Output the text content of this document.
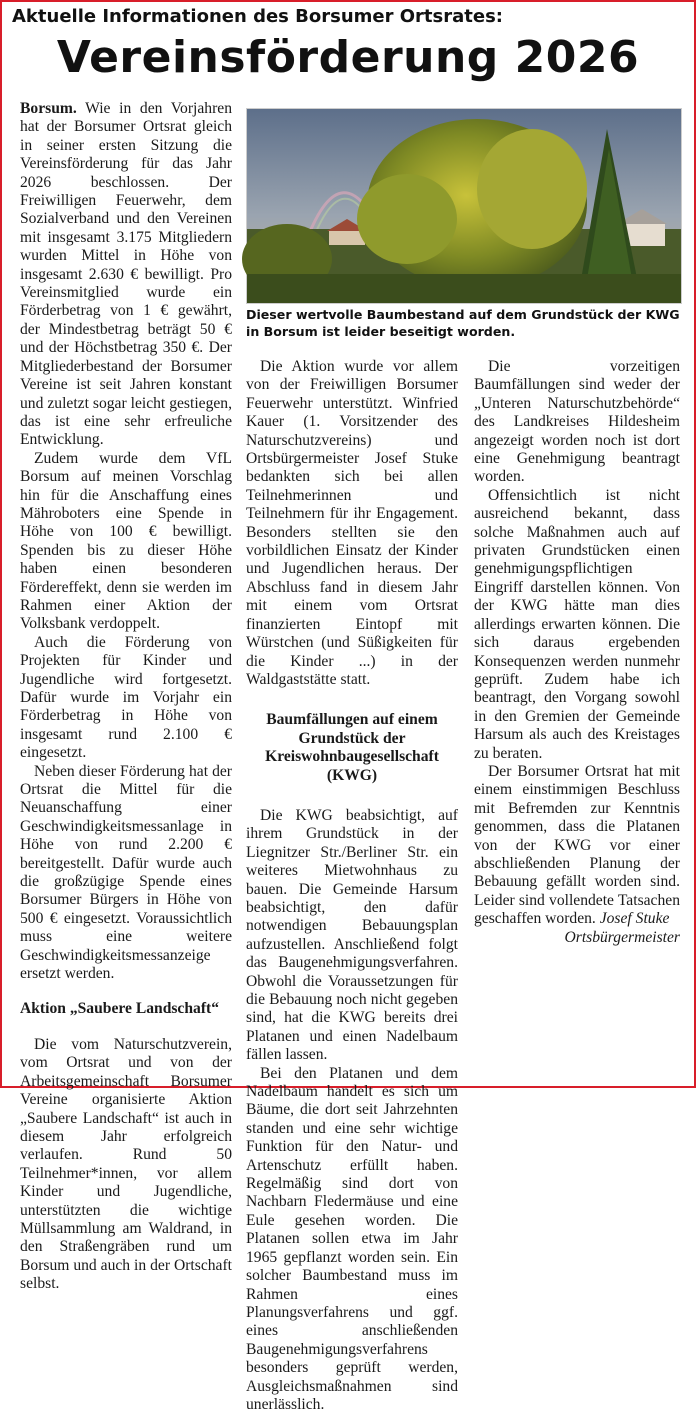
Aktuelle Informationen des Borsumer Ortsrates:
Vereinsförderung 2026

Borsum. Wie in den Vorjahren hat der Borsumer Ortsrat gleich in seiner ersten Sitzung die Vereinsförderung für das Jahr 2026 beschlossen. Der Freiwilligen Feuerwehr, dem Sozialverband und den Vereinen mit insgesamt 3.175 Mitgliedern wurden Mittel in Höhe von insgesamt 2.630 € bewilligt. Pro Vereinsmitglied wurde ein Förderbetrag von 1 € gewährt, der Mindestbetrag beträgt 50 € und der Höchstbetrag 350 €. Der Mitgliederbestand der Borsumer Vereine ist seit Jahren konstant und zuletzt sogar leicht gestiegen, das ist eine sehr erfreuliche Entwicklung.

Zudem wurde dem VfL Borsum auf meinen Vorschlag hin für die Anschaffung eines Mähroboters eine Spende in Höhe von 100 € bewilligt. Spenden bis zu dieser Höhe haben einen besonderen Fördereffekt, denn sie werden im Rahmen einer Aktion der Volksbank verdoppelt.

Auch die Förderung von Projekten für Kinder und Jugendliche wird fortgesetzt. Dafür wurde im Vorjahr ein Förderbetrag in Höhe von insgesamt rund 2.100 € eingesetzt.

Neben dieser Förderung hat der Ortsrat die Mittel für die Neuanschaffung einer Geschwindigkeitsmessanlage in Höhe von rund 2.200 € bereitgestellt. Dafür wurde auch die großzügige Spende eines Borsumer Bürgers in Höhe von 500 € eingesetzt. Voraussichtlich muss eine weitere Geschwindigkeitsmessanzeige ersetzt werden.

Aktion „Saubere Landschaft“

Die vom Naturschutzverein, vom Ortsrat und von der Arbeitsgemeinschaft Borsumer Vereine organisierte Aktion „Saubere Landschaft“ ist auch in diesem Jahr erfolgreich verlaufen. Rund 50 Teilnehmer*innen, vor allem Kinder und Jugendliche, unterstützten die wichtige Müllsammlung am Waldrand, in den Straßengräben rund um Borsum und auch in der Ortschaft selbst.

Dieser wertvolle Baumbestand auf dem Grundstück der KWG in Borsum ist leider beseitigt worden.

Die Aktion wurde vor allem von der Freiwilligen Borsumer Feuerwehr unterstützt. Winfried Kauer (1. Vorsitzender des Naturschutzvereins) und Ortsbürgermeister Josef Stuke bedankten sich bei allen Teilnehmerinnen und Teilnehmern für ihr Engagement. Besonders stellten sie den vorbildlichen Einsatz der Kinder und Jugendlichen heraus. Der Abschluss fand in diesem Jahr mit einem vom Ortsrat finanzierten Eintopf mit Würstchen (und Süßigkeiten für die Kinder ...) in der Waldgaststätte statt.

Baumfällungen auf einem Grundstück der Kreiswohnbaugesellschaft (KWG)

Die KWG beabsichtigt, auf ihrem Grundstück in der Liegnitzer Str./Berliner Str. ein weiteres Mietwohnhaus zu bauen. Die Gemeinde Harsum beabsichtigt, den dafür notwendigen Bebauungsplan aufzustellen. Anschließend folgt das Baugenehmigungsverfahren. Obwohl die Voraussetzungen für die Bebauung noch nicht gegeben sind, hat die KWG bereits drei Platanen und einen Nadelbaum fällen lassen.

Bei den Platanen und dem Nadelbaum handelt es sich um Bäume, die dort seit Jahrzehnten standen und eine sehr wichtige Funktion für den Natur- und Artenschutz erfüllt haben. Regelmäßig sind dort von Nachbarn Fledermäuse und eine Eule gesehen worden. Die Platanen sollen etwa im Jahr 1965 gepflanzt worden sein. Ein solcher Baumbestand muss im Rahmen eines Planungsverfahrens und ggf. eines anschließenden Baugenehmigungsverfahrens besonders geprüft werden, Ausgleichsmaßnahmen sind unerlässlich.

Die vorzeitigen Baumfällungen sind weder der „Unteren Naturschutzbehörde“ des Landkreises Hildesheim angezeigt worden noch ist dort eine Genehmigung beantragt worden.

Offensichtlich ist nicht ausreichend bekannt, dass solche Maßnahmen auch auf privaten Grundstücken einen genehmigungspflichtigen Eingriff darstellen können. Von der KWG hätte man dies allerdings erwarten können. Die sich daraus ergebenden Konsequenzen werden nunmehr geprüft. Zudem habe ich beantragt, den Vorgang sowohl in den Gremien der Gemeinde Harsum als auch des Kreistages zu beraten.

Der Borsumer Ortsrat hat mit einem einstimmigen Beschluss mit Befremden zur Kenntnis genommen, dass die Platanen von der KWG vor einer abschließenden Planung der Bebauung gefällt worden sind. Leider sind vollendete Tatsachen geschaffen worden. Josef Stuke
Ortsbürgermeister
